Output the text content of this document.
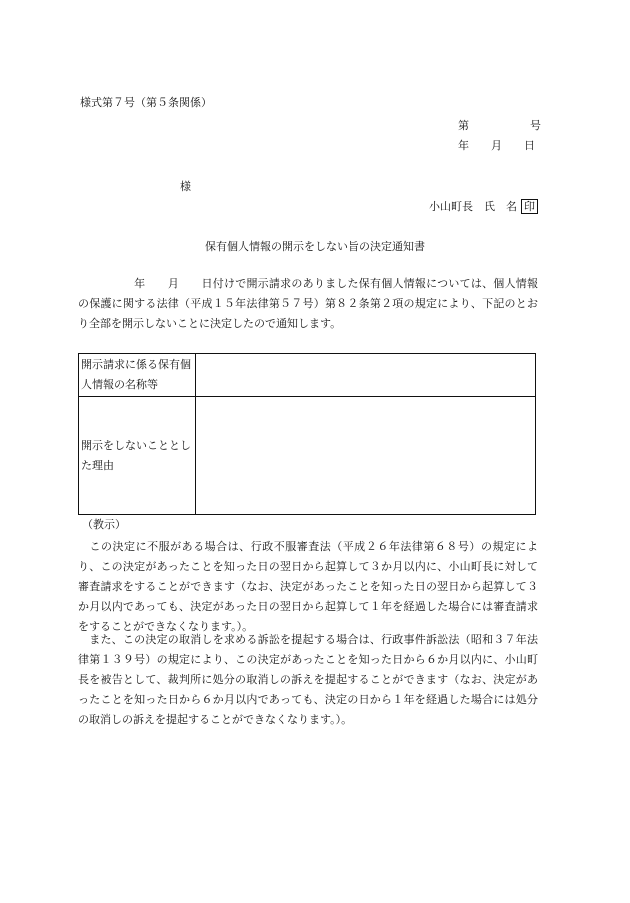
様式第７号（第５条関係）
第	号
年 月 日
様
小山町長　氏　名 印
保有個人情報の開示をしない旨の決定通知書
　　　　　年　　月　　日付けで開示請求のありました保有個人情報については、個人情報の保護に関する法律（平成１５年法律第５７号）第８２条第２項の規定により、下記のとおり全部を開示しないことに決定したので通知します。
開示請求に係る保有個人情報の名称等	
開示をしないこととした理由	
（教示）
　この決定に不服がある場合は、行政不服審査法（平成２６年法律第６８号）の規定により、この決定があったことを知った日の翌日から起算して３か月以内に、小山町長に対して審査請求をすることができます（なお、決定があったことを知った日の翌日から起算して３か月以内であっても、決定があった日の翌日から起算して１年を経過した場合には審査請求をすることができなくなります。）。
　また、この決定の取消しを求める訴訟を提起する場合は、行政事件訴訟法（昭和３７年法律第１３９号）の規定により、この決定があったことを知った日から６か月以内に、小山町長を被告として、裁判所に処分の取消しの訴えを提起することができます（なお、決定があったことを知った日から６か月以内であっても、決定の日から１年を経過した場合には処分の取消しの訴えを提起することができなくなります。）。
